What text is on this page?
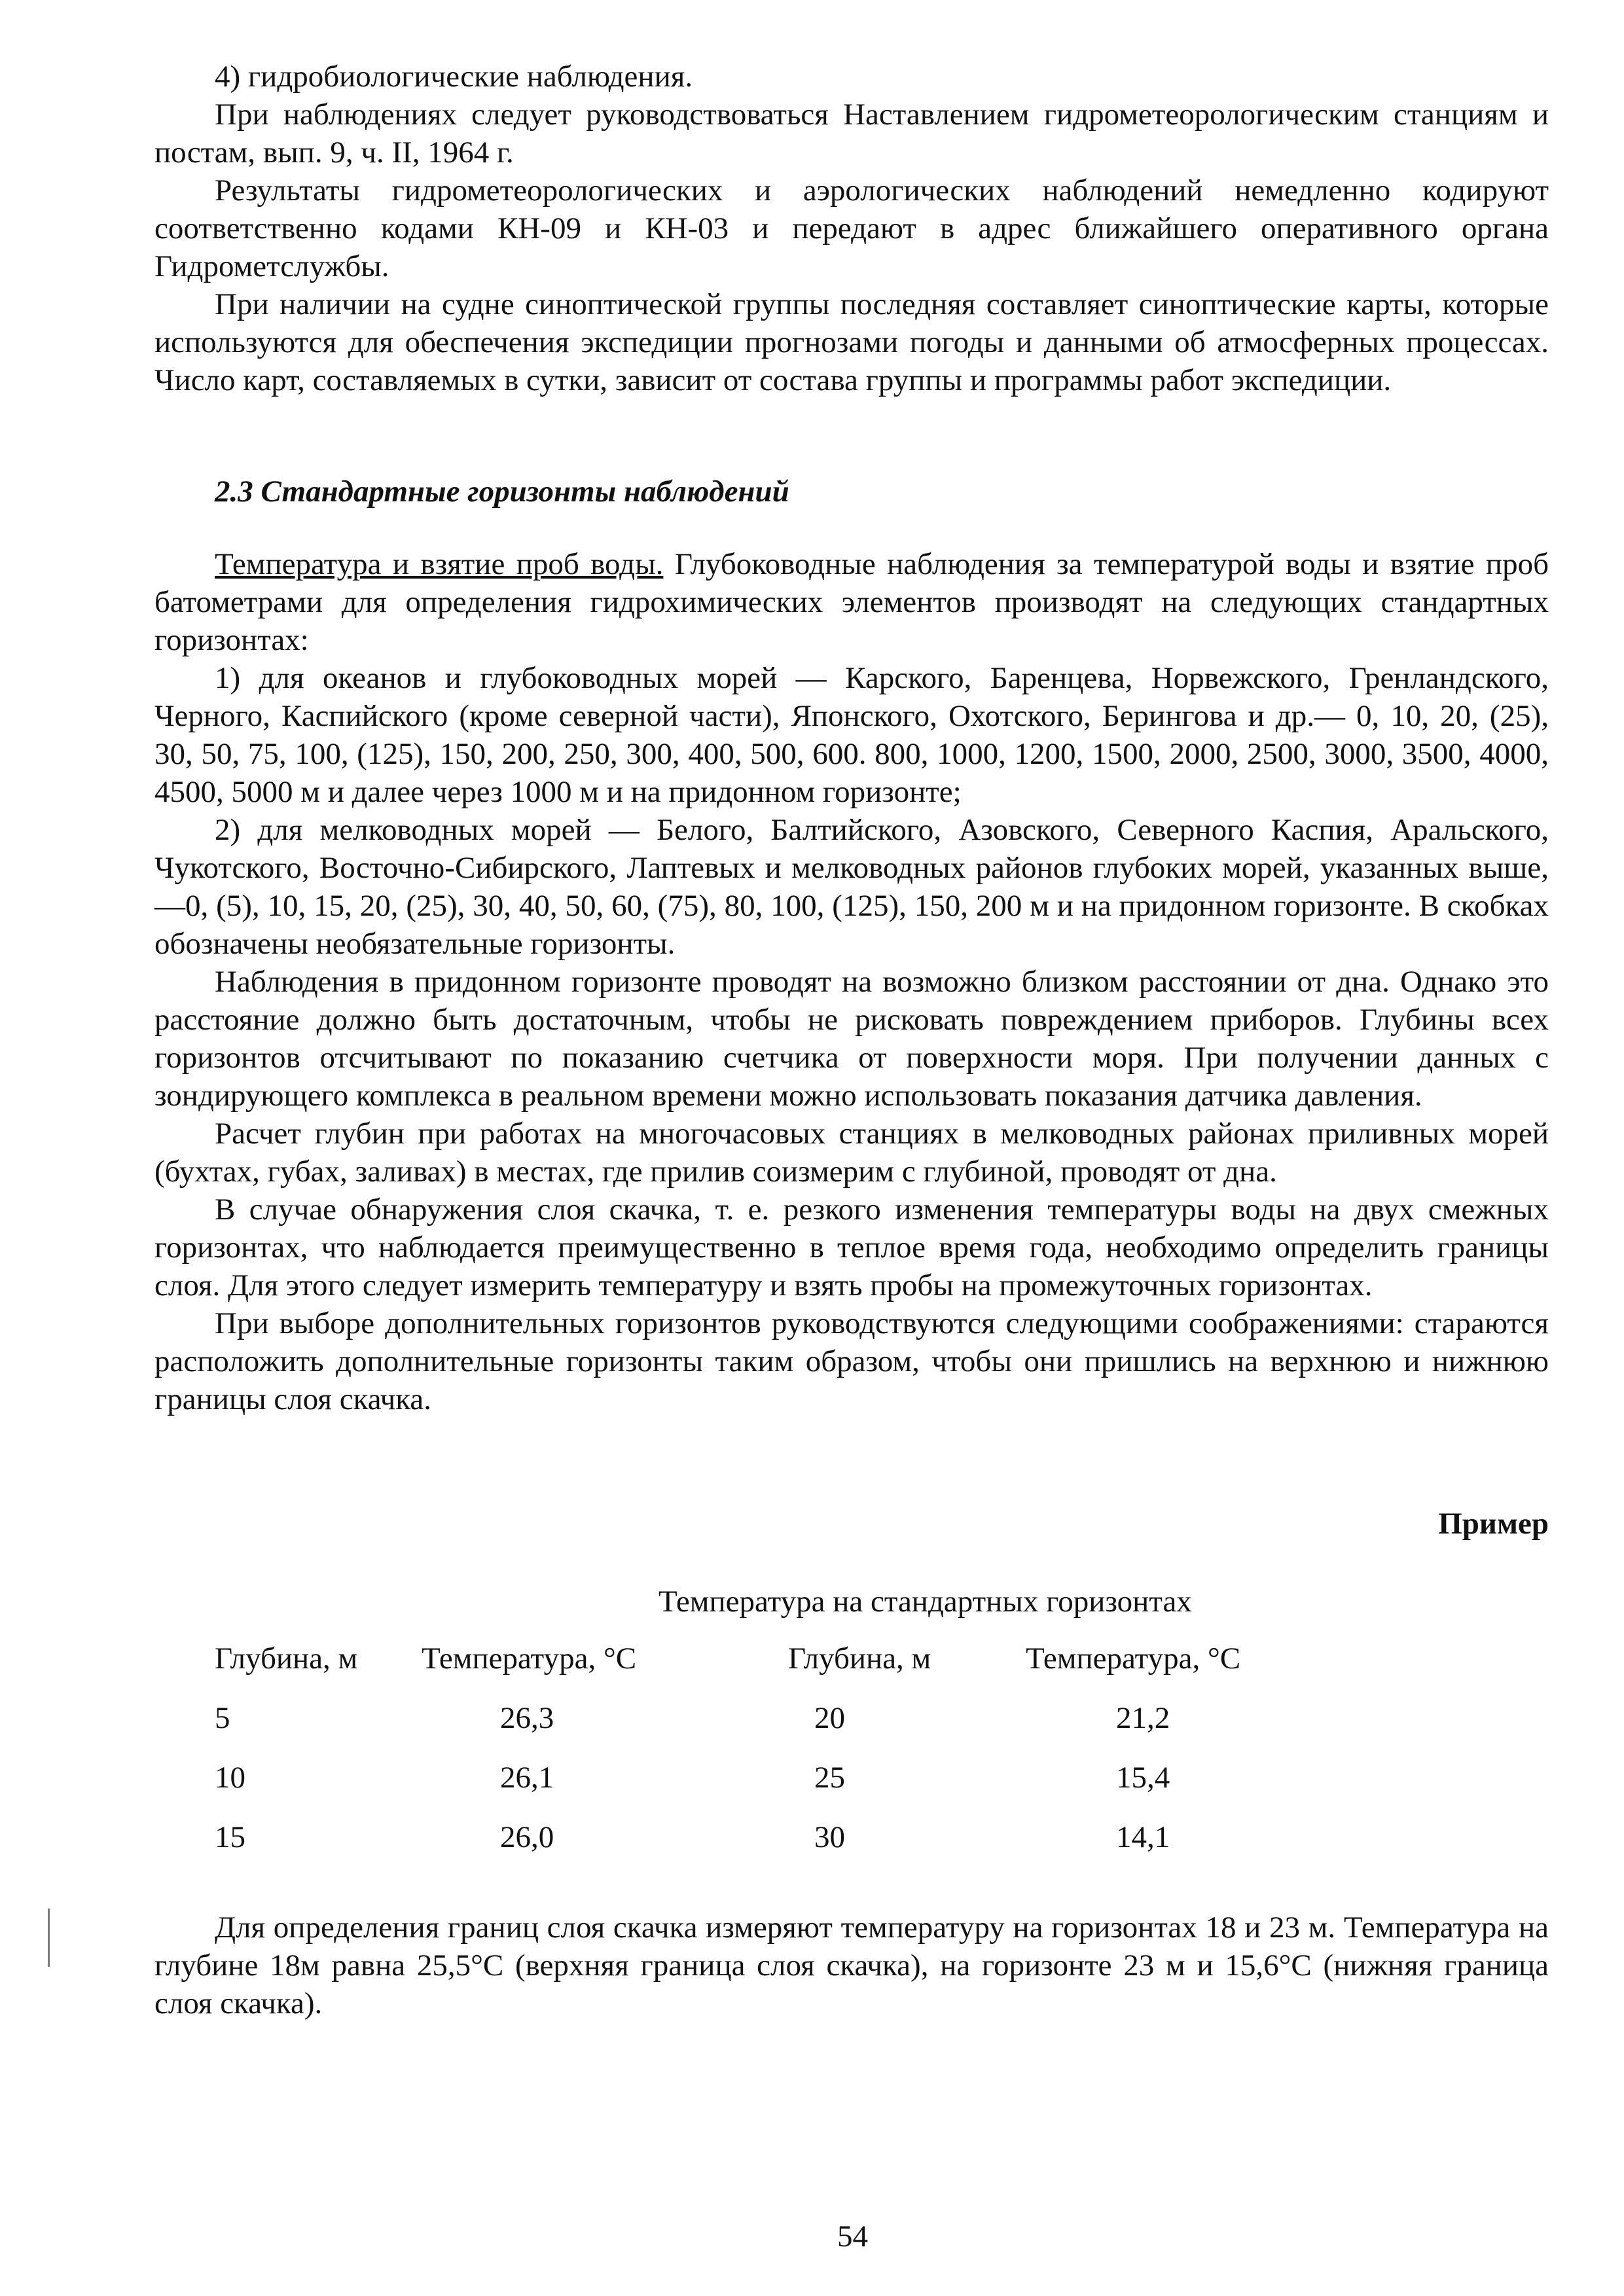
4) гидробиологические наблюдения.

При наблюдениях следует руководствоваться Наставлением гидрометеорологическим станциям и постам, вып. 9, ч. II, 1964 г.

Результаты гидрометеорологических и аэрологических наблюдений немедленно кодируют соответственно кодами КН-09 и КН-03 и передают в адрес ближайшего оперативного органа Гидрометслужбы.

При наличии на судне синоптической группы последняя составляет синоптические карты, которые используются для обеспечения экспедиции прогнозами погоды и данными об атмосферных процессах. Число карт, составляемых в сутки, зависит от состава группы и программы работ экспедиции.

2.3 Стандартные горизонты наблюдений

Температура и взятие проб воды. Глубоководные наблюдения за температурой воды и взятие проб батометрами для определения гидрохимических элементов производят на следующих стандартных горизонтах:

1) для океанов и глубоководных морей — Карского, Баренцева, Норвежского, Гренландского, Черного, Каспийского (кроме северной части), Японского, Охотского, Берингова и др.— 0, 10, 20, (25), 30, 50, 75, 100, (125), 150, 200, 250, 300, 400, 500, 600. 800, 1000, 1200, 1500, 2000, 2500, 3000, 3500, 4000, 4500, 5000 м и далее через 1000 м и на придонном горизонте;

2) для мелководных морей — Белого, Балтийского, Азовского, Северного Каспия, Аральского, Чукотского, Восточно-Сибирского, Лаптевых и мелководных районов глубоких морей, указанных выше,—0, (5), 10, 15, 20, (25), 30, 40, 50, 60, (75), 80, 100, (125), 150, 200 м и на придонном горизонте. В скобках обозначены необязательные горизонты.

Наблюдения в придонном горизонте проводят на возможно близком расстоянии от дна. Однако это расстояние должно быть достаточным, чтобы не рисковать повреждением приборов. Глубины всех горизонтов отсчитывают по показанию счетчика от поверхности моря. При получении данных с зондирующего комплекса в реальном времени можно использовать показания датчика давления.

Расчет глубин при работах на многочасовых станциях в мелководных районах приливных морей (бухтах, губах, заливах) в местах, где прилив соизмерим с глубиной, проводят от дна.

В случае обнаружения слоя скачка, т. е. резкого изменения температуры воды на двух смежных горизонтах, что наблюдается преимущественно в теплое время года, необходимо определить границы слоя. Для этого следует измерить температуру и взять пробы на промежуточных горизонтах.

При выборе дополнительных горизонтов руководствуются следующими соображениями: стараются расположить дополнительные горизонты таким образом, чтобы они пришлись на верхнюю и нижнюю границы слоя скачка.

Пример

Температура на стандартных горизонтах

Глубина, м Температура, °С	Глубина, м	Температура, °С
5	26,3	20	21,2
10	26,1	25	15,4
15	26,0	30	14,1

Для определения границ слоя скачка измеряют температуру на горизонтах 18 и 23 м. Температура на глубине 18м равна 25,5°С (верхняя граница слоя скачка), на горизонте 23 м и 15,6°С (нижняя граница слоя скачка).

54
